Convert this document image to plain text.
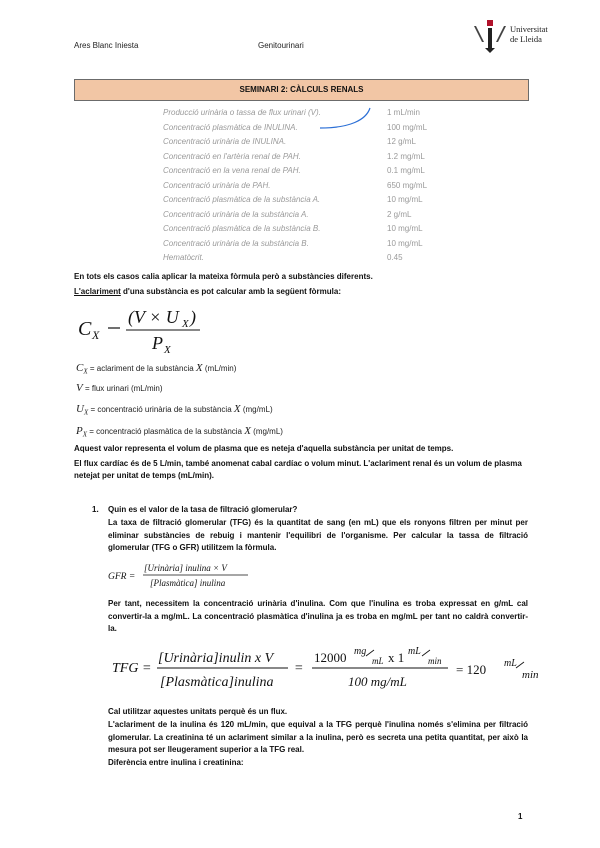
Ares Blanc Iniesta	Genitourinari
Universitat
de Lleida
SEMINARI 2: CÀLCULS RENALS
Producció urinària o tassa de flux urinari (V).	1 mL/min
Concentració plasmàtica de INULINA.	100 mg/mL
Concentració urinària de INULINA.	12 g/mL
Concentració en l'artèria renal de PAH.	1.2 mg/mL
Concentració en la vena renal de PAH.	0.1 mg/mL
Concentració urinària de PAH.	650 mg/mL
Concentració plasmàtica de la substància A.	10 mg/mL
Concentració urinària de la substància A.	2 g/mL
Concentració plasmàtica de la substància B.	10 mg/mL
Concentració urinària de la substància B.	10 mg/mL
Hematòcrit.	0.45
En tots els casos calia aplicar la mateixa fòrmula però a substàncies diferents.
L'aclariment d'una substància es pot calcular amb la següent fòrmula:
C X
(V × U X )
P X
$C_X$ = aclariment de la substància X (mL/min)
V = flux urinari (mL/min)
$U_X$ = concentració urinària de la substància X (mg/mL)
$P_X$ = concentració plasmàtica de la substància X (mg/mL)
Aquest valor representa el volum de plasma que es neteja d'aquella substància per unitat de temps.
El flux cardíac és de 5 L/min, també anomenat cabal cardíac o volum minut. L'aclariment renal és un volum de plasma netejat per unitat de temps (mL/min).
1. Quin es el valor de la tasa de filtració glomerular?
La taxa de filtració glomerular (TFG) és la quantitat de sang (en mL) que els ronyons filtren per minut per eliminar substàncies de rebuig i mantenir l'equilibri de l'organisme. Per calcular la tassa de filtració glomerular (TFG o GFR) utilitzem la fòrmula.
GFR =
[Urinària] inulina × V
[Plasmàtica] inulina
Per tant, necessitem la concentració urinària d'inulina. Com que l'inulina es troba expressat en g/mL cal convertir-la a mg/mL. La concentració plasmàtica d'inulina ja es troba en mg/mL per tant no caldrà convertir-la.
TFG =
[Urinària]inulin x V
[Plasmàtica]inulina
=
12000 mg
mL x 1 mL
min
100 mg/mL
= 120 mL
min
Cal utilitzar aquestes unitats perquè és un flux.
L'aclariment de la inulina és 120 mL/min, que equival a la TFG perquè l'inulina només s'elimina per filtració glomerular. La creatinina té un aclariment similar a la inulina, però es secreta una petita quantitat, per això la mesura pot ser lleugerament superior a la TFG real.
Diferència entre inulina i creatinina:
1
